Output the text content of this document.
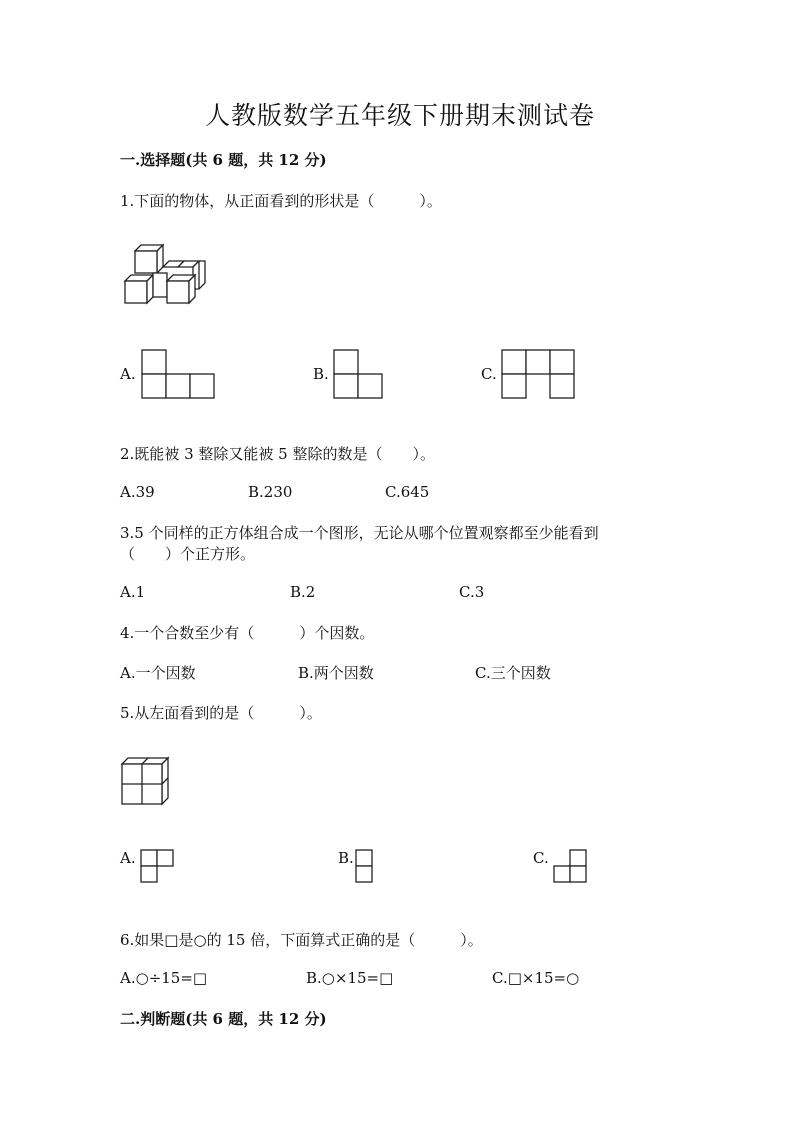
人教版数学五年级下册期末测试卷
一.选择题(共 6 题，共 12 分)
1.下面的物体，从正面看到的形状是（　　　）。
A.	B.	C.
2.既能被 3 整除又能被 5 整除的数是（　　）。
A.39	B.230	C.645
3.5 个同样的正方体组合成一个图形，无论从哪个位置观察都至少能看到
（　　）个正方形。
A.1	B.2	C.3
4.一个合数至少有（　　　）个因数。
A.一个因数	B.两个因数	C.三个因数
5.从左面看到的是（　　　）。
A.	B.	C.
6.如果□是○的 15 倍，下面算式正确的是（　　　）。
A.○÷15=□	B.○×15=□	C.□×15=○
二.判断题(共 6 题，共 12 分)
